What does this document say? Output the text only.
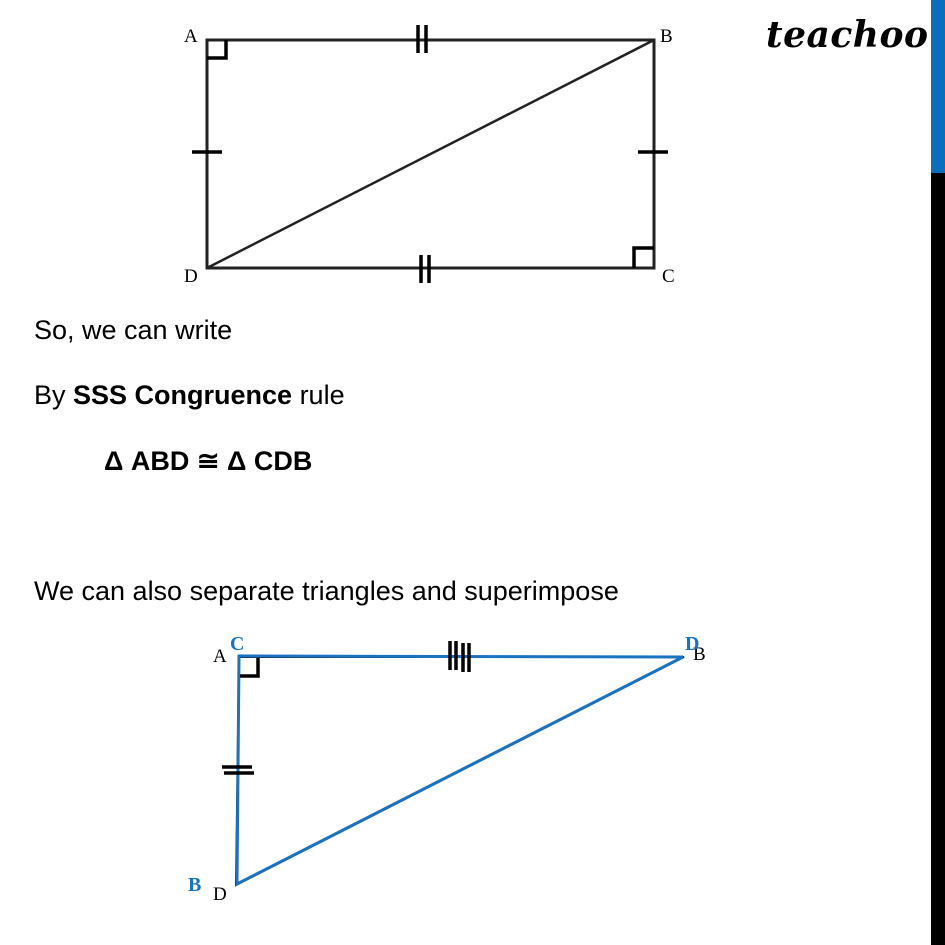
teachoo
A	B
C
D
A	B
D
C	D
B
So, we can write
By SSS Congruence rule
Δ ABD ≅ Δ CDB
We can also separate triangles and superimpose
